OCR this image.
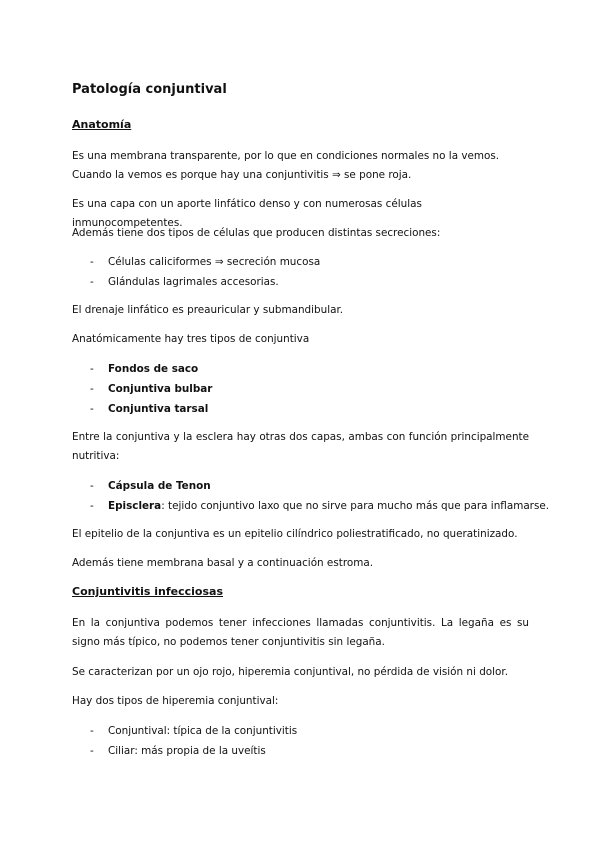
Patología conjuntival
Anatomía

Es una membrana transparente, por lo que en condiciones normales no la vemos. Cuando la vemos es porque hay una conjuntivitis ⇒ se pone roja.

Es una capa con un aporte linfático denso y con numerosas células inmunocompetentes.

Además tiene dos tipos de células que producen distintas secreciones:

- Células caliciformes ⇒ secreción mucosa
- Glándulas lagrimales accesorias.

El drenaje linfático es preauricular y submandibular.

Anatómicamente hay tres tipos de conjuntiva

- Fondos de saco
- Conjuntiva bulbar
- Conjuntiva tarsal

Entre la conjuntiva y la esclera hay otras dos capas, ambas con función principalmente nutritiva:

- Cápsula de Tenon
- Episclera: tejido conjuntivo laxo que no sirve para mucho más que para inflamarse.

El epitelio de la conjuntiva es un epitelio cilíndrico poliestratificado, no queratinizado.

Además tiene membrana basal y a continuación estroma.

Conjuntivitis infecciosas

En la conjuntiva podemos tener infecciones llamadas conjuntivitis. La legaña es su signo más típico, no podemos tener conjuntivitis sin legaña.

Se caracterizan por un ojo rojo, hiperemia conjuntival, no pérdida de visión ni dolor.

Hay dos tipos de hiperemia conjuntival:

- Conjuntival: típica de la conjuntivitis
- Ciliar: más propia de la uveítis
